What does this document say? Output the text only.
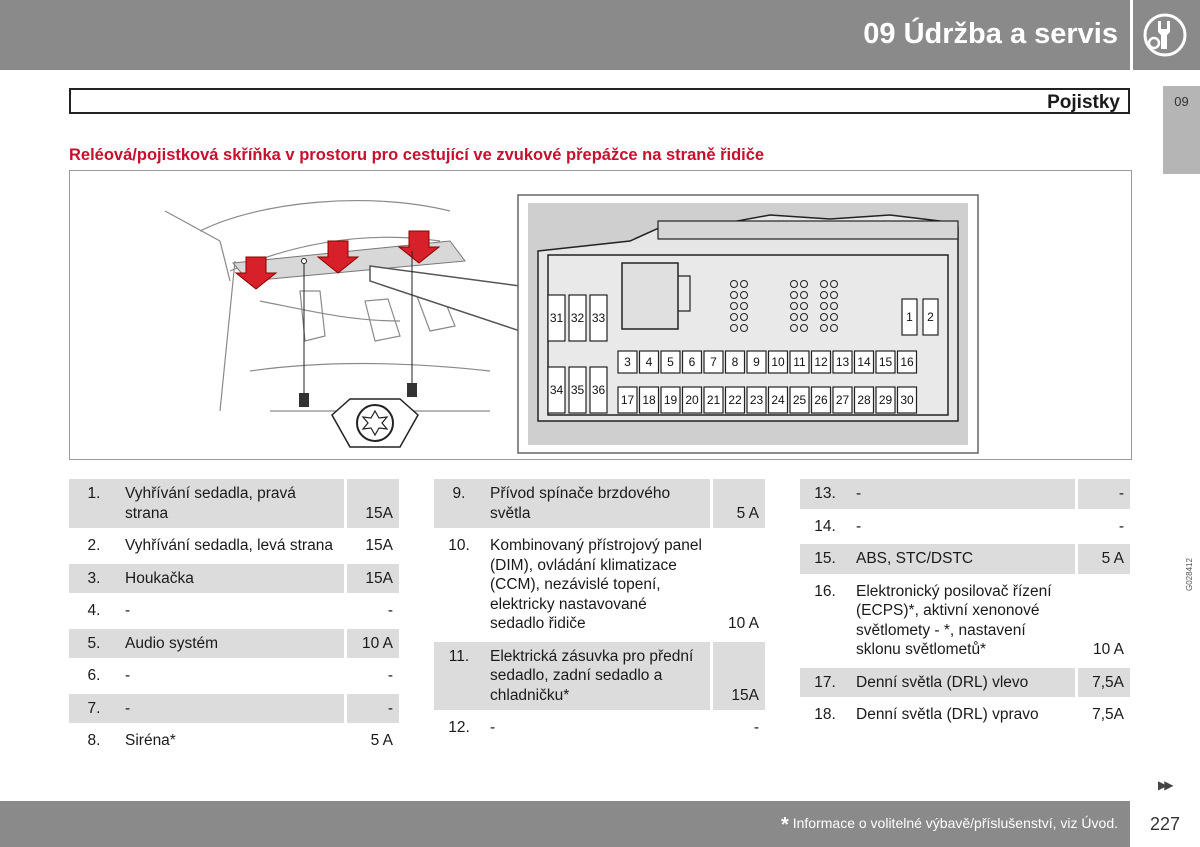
09 Údržba a servis
09
Pojistky
Reléová/pojistková skříňka v prostoru pro cestující ve zvukové přepážce na straně řidiče
31 32 33
34 35 36
1 2
3 4 5 6 7 8 9 10 11 12 13 14 15 16
17 18 19 20 21 22 23 24 25 26 27 28 29 30
G028412
1.	Vyhřívání sedadla, pravá strana	15A
2.	Vyhřívání sedadla, levá strana	15A
3.	Houkačka	15A
4.	-	-
5.	Audio systém	10 A
6.	-	-
7.	-	-
8.	Siréna*	5 A
9.	Přívod spínače brzdového světla	5 A
10.	Kombinovaný přístrojový panel (DIM), ovládání klimatizace (CCM), nezávislé topení, elektricky nastavované sedadlo řidiče	10 A
11.	Elektrická zásuvka pro přední sedadlo, zadní sedadlo a chladničku*	15A
12.	-	-
13.	-	-
14.	-	-
15.	ABS, STC/DSTC	5 A
16.	Elektronický posilovač řízení (ECPS)*, aktivní xenonové světlomety - *, nastavení sklonu světlometů*	10 A
17.	Denní světla (DRL) vlevo	7,5A
18.	Denní světla (DRL) vpravo	7,5A
▶▶
* Informace o volitelné výbavě/příslušenství, viz Úvod. 227
